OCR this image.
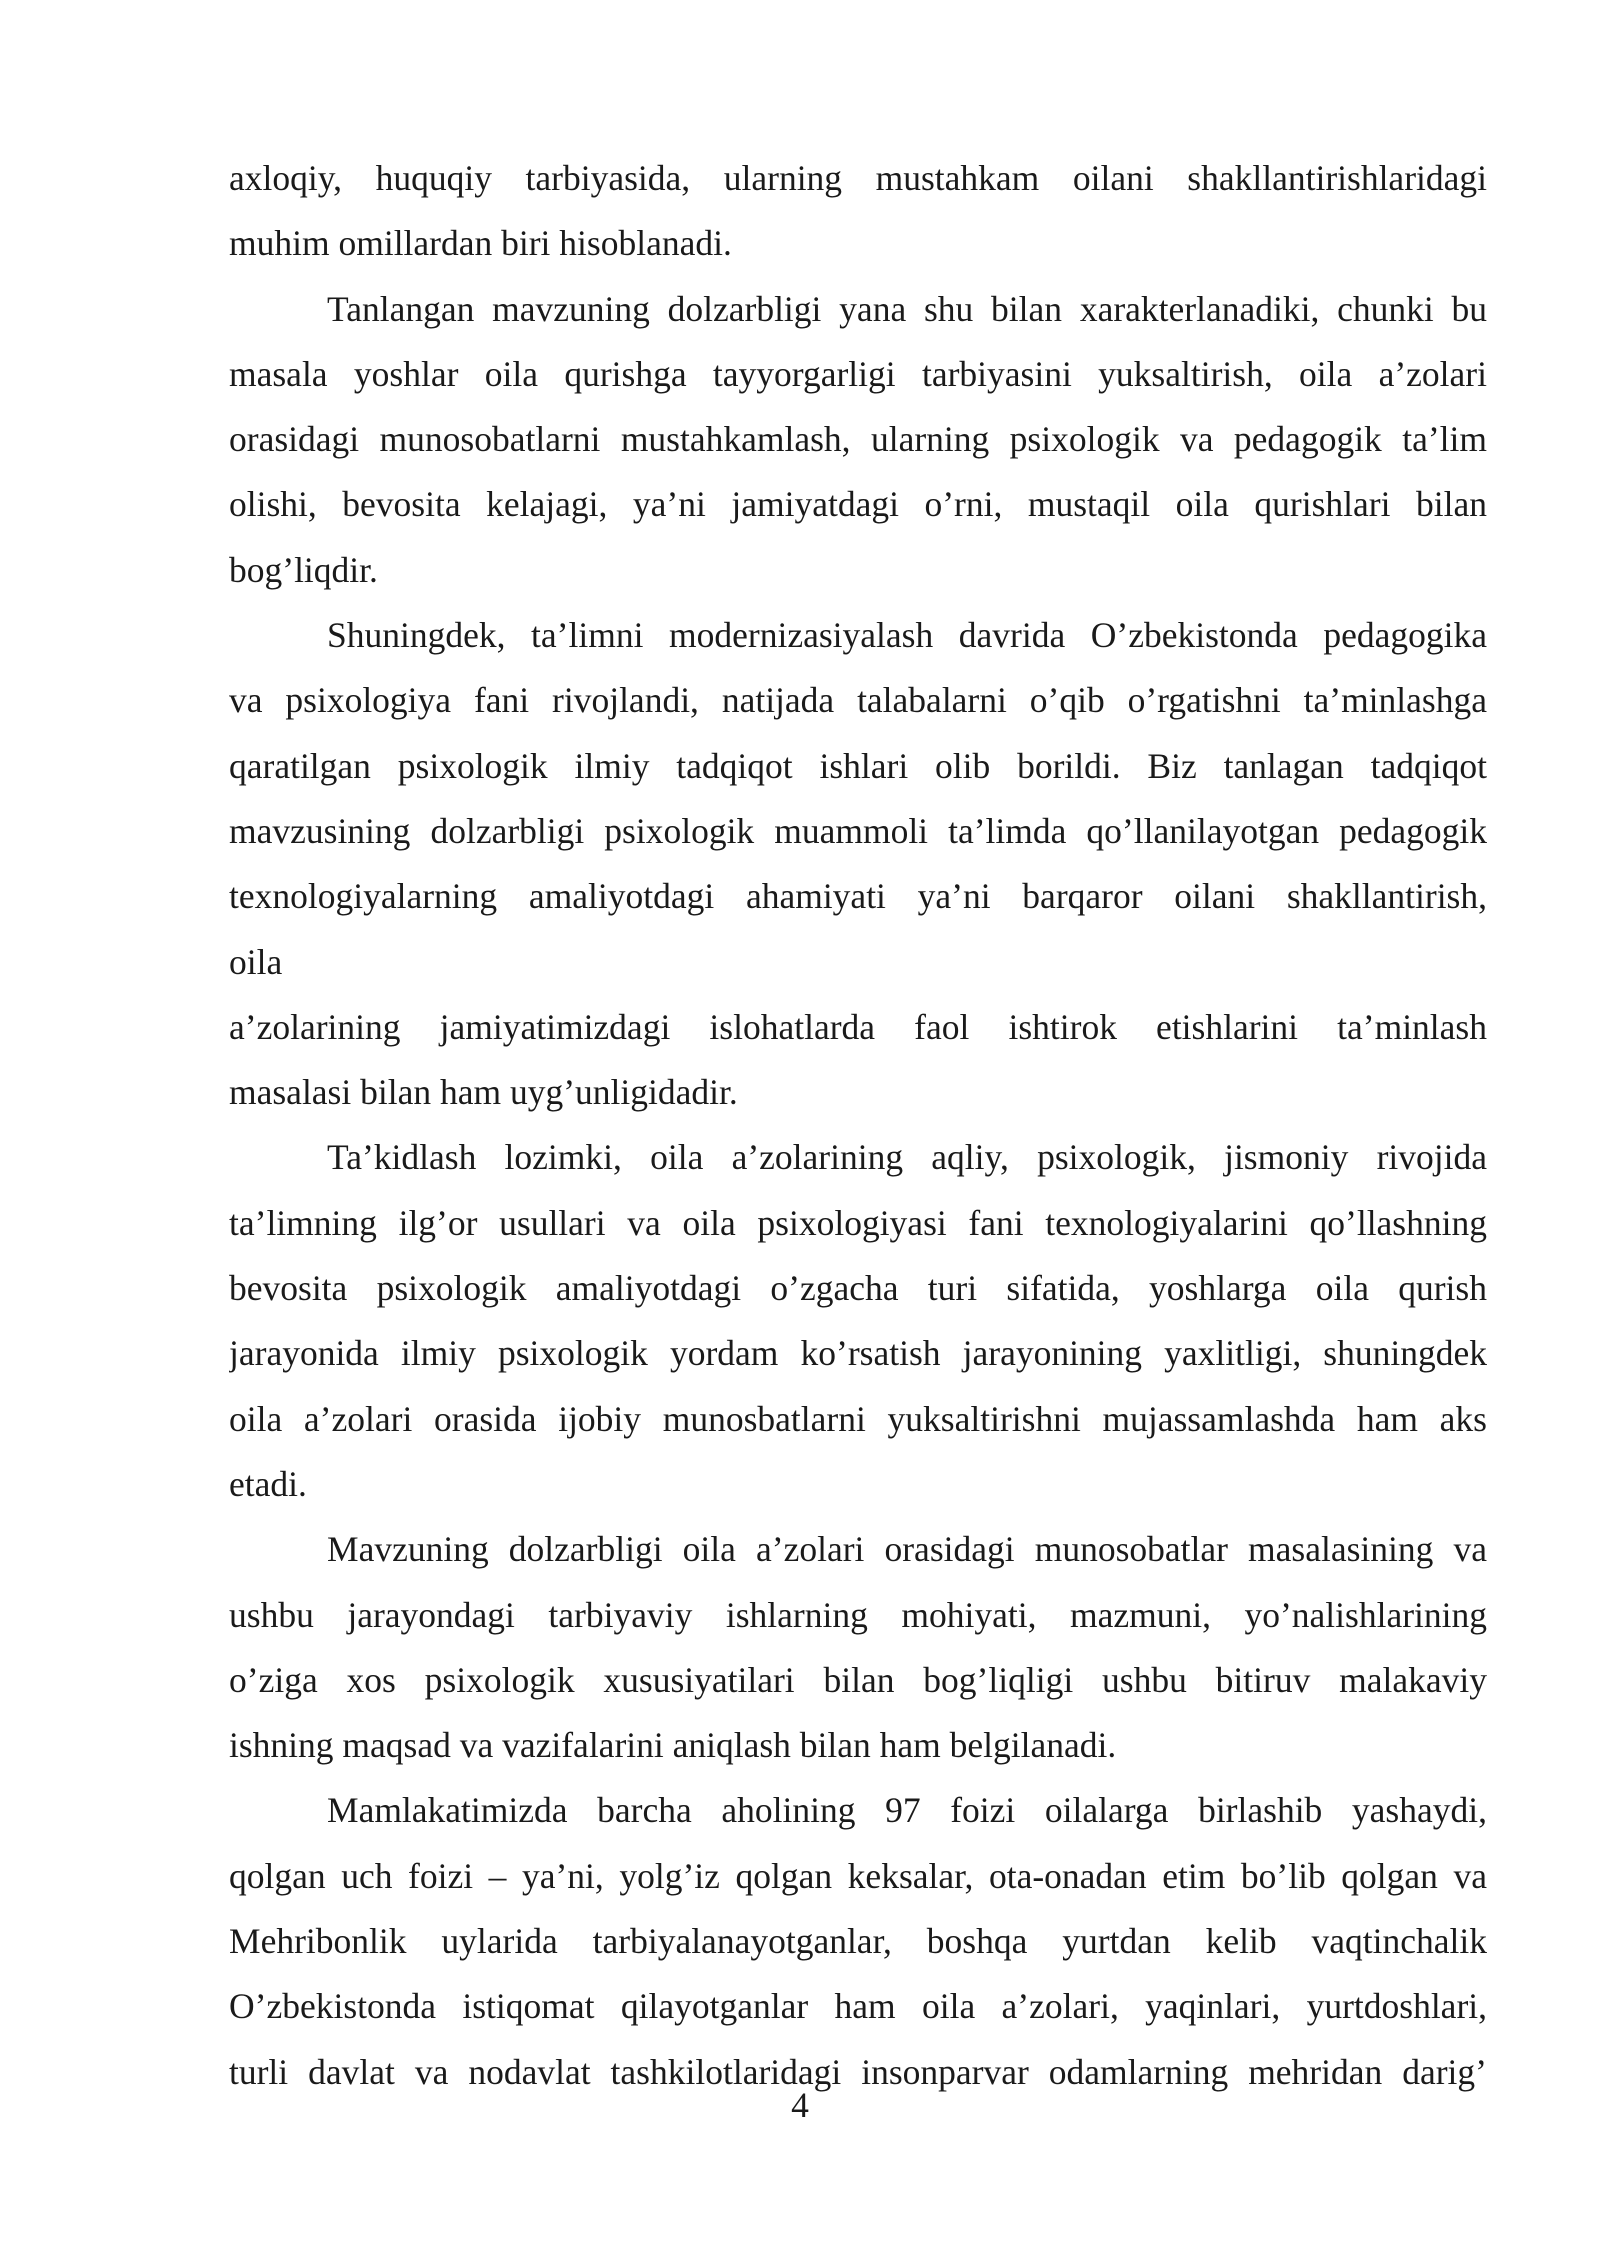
axloqiy, huquqiy tarbiyasida, ularning mustahkam oilani shakllantirishlaridagi
muhim omillardan biri hisoblanadi.
Tanlangan mavzuning dolzarbligi yana shu bilan xarakterlanadiki, chunki bu
masala yoshlar oila qurishga tayyorgarligi tarbiyasini yuksaltirish, oila a’zolari
orasidagi munosobatlarni mustahkamlash, ularning psixologik va pedagogik ta’lim
olishi, bevosita kelajagi, ya’ni jamiyatdagi o’rni, mustaqil oila qurishlari bilan
bog’liqdir.
Shuningdek, ta’limni modernizasiyalash davrida O’zbekistonda pedagogika
va psixologiya fani rivojlandi, natijada talabalarni o’qib o’rgatishni ta’minlashga
qaratilgan psixologik ilmiy tadqiqot ishlari olib borildi. Biz tanlagan tadqiqot
mavzusining dolzarbligi psixologik muammoli ta’limda qo’llanilayotgan pedagogik
texnologiyalarning amaliyotdagi ahamiyati ya’ni barqaror oilani shakllantirish,
oila
a’zolarining jamiyatimizdagi islohatlarda faol ishtirok etishlarini ta’minlash
masalasi bilan ham uyg’unligidadir.
Ta’kidlash lozimki, oila a’zolarining aqliy, psixologik, jismoniy rivojida
ta’limning ilg’or usullari va oila psixologiyasi fani texnologiyalarini qo’llashning
bevosita psixologik amaliyotdagi o’zgacha turi sifatida, yoshlarga oila qurish
jarayonida ilmiy psixologik yordam ko’rsatish jarayonining yaxlitligi, shuningdek
oila a’zolari orasida ijobiy munosbatlarni yuksaltirishni mujassamlashda ham aks
etadi.
Mavzuning dolzarbligi oila a’zolari orasidagi munosobatlar masalasining va
ushbu jarayondagi tarbiyaviy ishlarning mohiyati, mazmuni, yo’nalishlarining
o’ziga xos psixologik xususiyatilari bilan bog’liqligi ushbu bitiruv malakaviy
ishning maqsad va vazifalarini aniqlash bilan ham belgilanadi.
Mamlakatimizda barcha aholining 97 foizi oilalarga birlashib yashaydi,
qolgan uch foizi – ya’ni, yolg’iz qolgan keksalar, ota-onadan etim bo’lib qolgan va
Mehribonlik uylarida tarbiyalanayotganlar, boshqa yurtdan kelib vaqtinchalik
O’zbekistonda istiqomat qilayotganlar ham oila a’zolari, yaqinlari, yurtdoshlari,
turli davlat va nodavlat tashkilotlaridagi insonparvar odamlarning mehridan darig’
4
